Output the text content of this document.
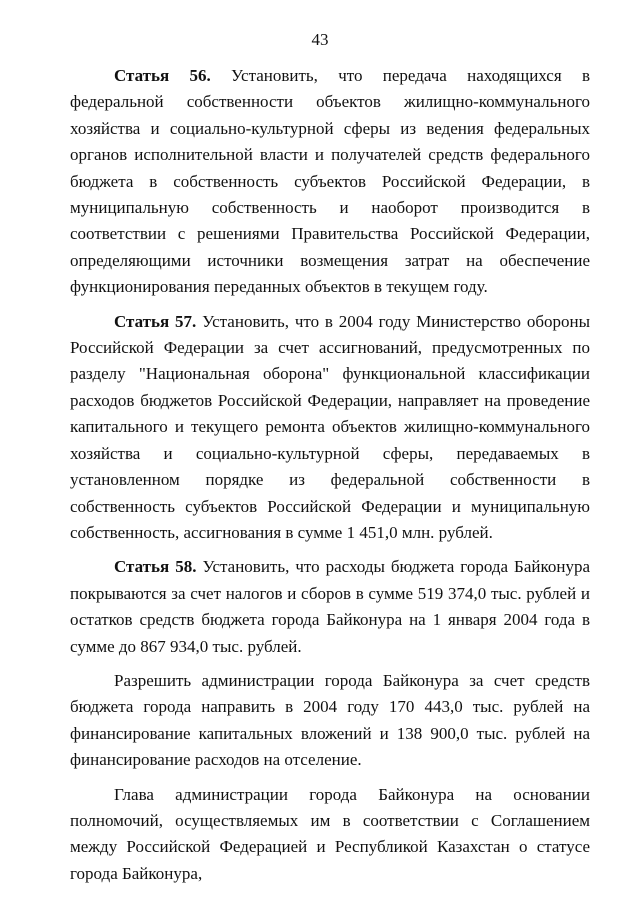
43

Статья 56. Установить, что передача находящихся в федеральной собственности объектов жилищно-коммунального хозяйства и социально-культурной сферы из ведения федеральных органов исполнительной власти и получателей средств федерального бюджета в собственность субъектов Российской Федерации, в муниципальную собственность и наоборот производится в соответствии с решениями Правительства Российской Федерации, определяющими источники возмещения затрат на обеспечение функционирования переданных объектов в текущем году.

Статья 57. Установить, что в 2004 году Министерство обороны Российской Федерации за счет ассигнований, предусмотренных по разделу "Национальная оборона" функциональной классификации расходов бюджетов Российской Федерации, направляет на проведение капитального и текущего ремонта объектов жилищно-коммунального хозяйства и социально-культурной сферы, передаваемых в установленном порядке из федеральной собственности в собственность субъектов Российской Федерации и муниципальную собственность, ассигнования в сумме 1 451,0 млн. рублей.

Статья 58. Установить, что расходы бюджета города Байконура покрываются за счет налогов и сборов в сумме 519 374,0 тыс. рублей и остатков средств бюджета города Байконура на 1 января 2004 года в сумме до 867 934,0 тыс. рублей.

Разрешить администрации города Байконура за счет средств бюджета города направить в 2004 году 170 443,0 тыс. рублей на финансирование капитальных вложений и 138 900,0 тыс. рублей на финансирование расходов на отселение.

Глава администрации города Байконура на основании полномочий, осуществляемых им в соответствии с Соглашением между Российской Федерацией и Республикой Казахстан о статусе города Байконура,
